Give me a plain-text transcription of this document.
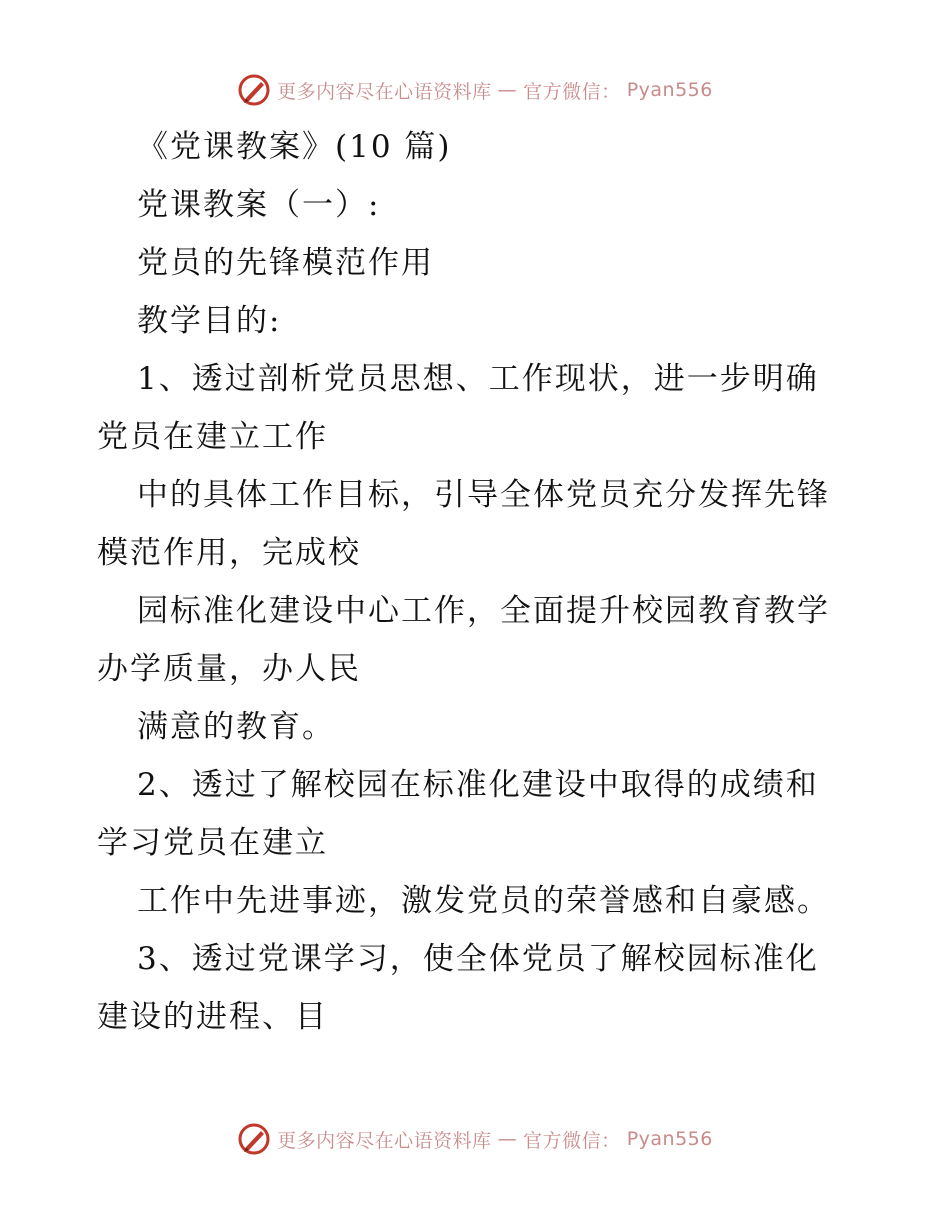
更多内容尽在心语资料库 — 官方微信： Pyan556
《党课教案》(10 篇)
党课教案（一）:
党员的先锋模范作用
教学目的:
1、透过剖析党员思想、工作现状，进一步明确
党员在建立工作
中的具体工作目标，引导全体党员充分发挥先锋
模范作用，完成校
园标准化建设中心工作，全面提升校园教育教学
办学质量，办人民
满意的教育。
2、透过了解校园在标准化建设中取得的成绩和
学习党员在建立
工作中先进事迹，激发党员的荣誉感和自豪感。
3、透过党课学习，使全体党员了解校园标准化
建设的进程、目
更多内容尽在心语资料库 — 官方微信： Pyan556
